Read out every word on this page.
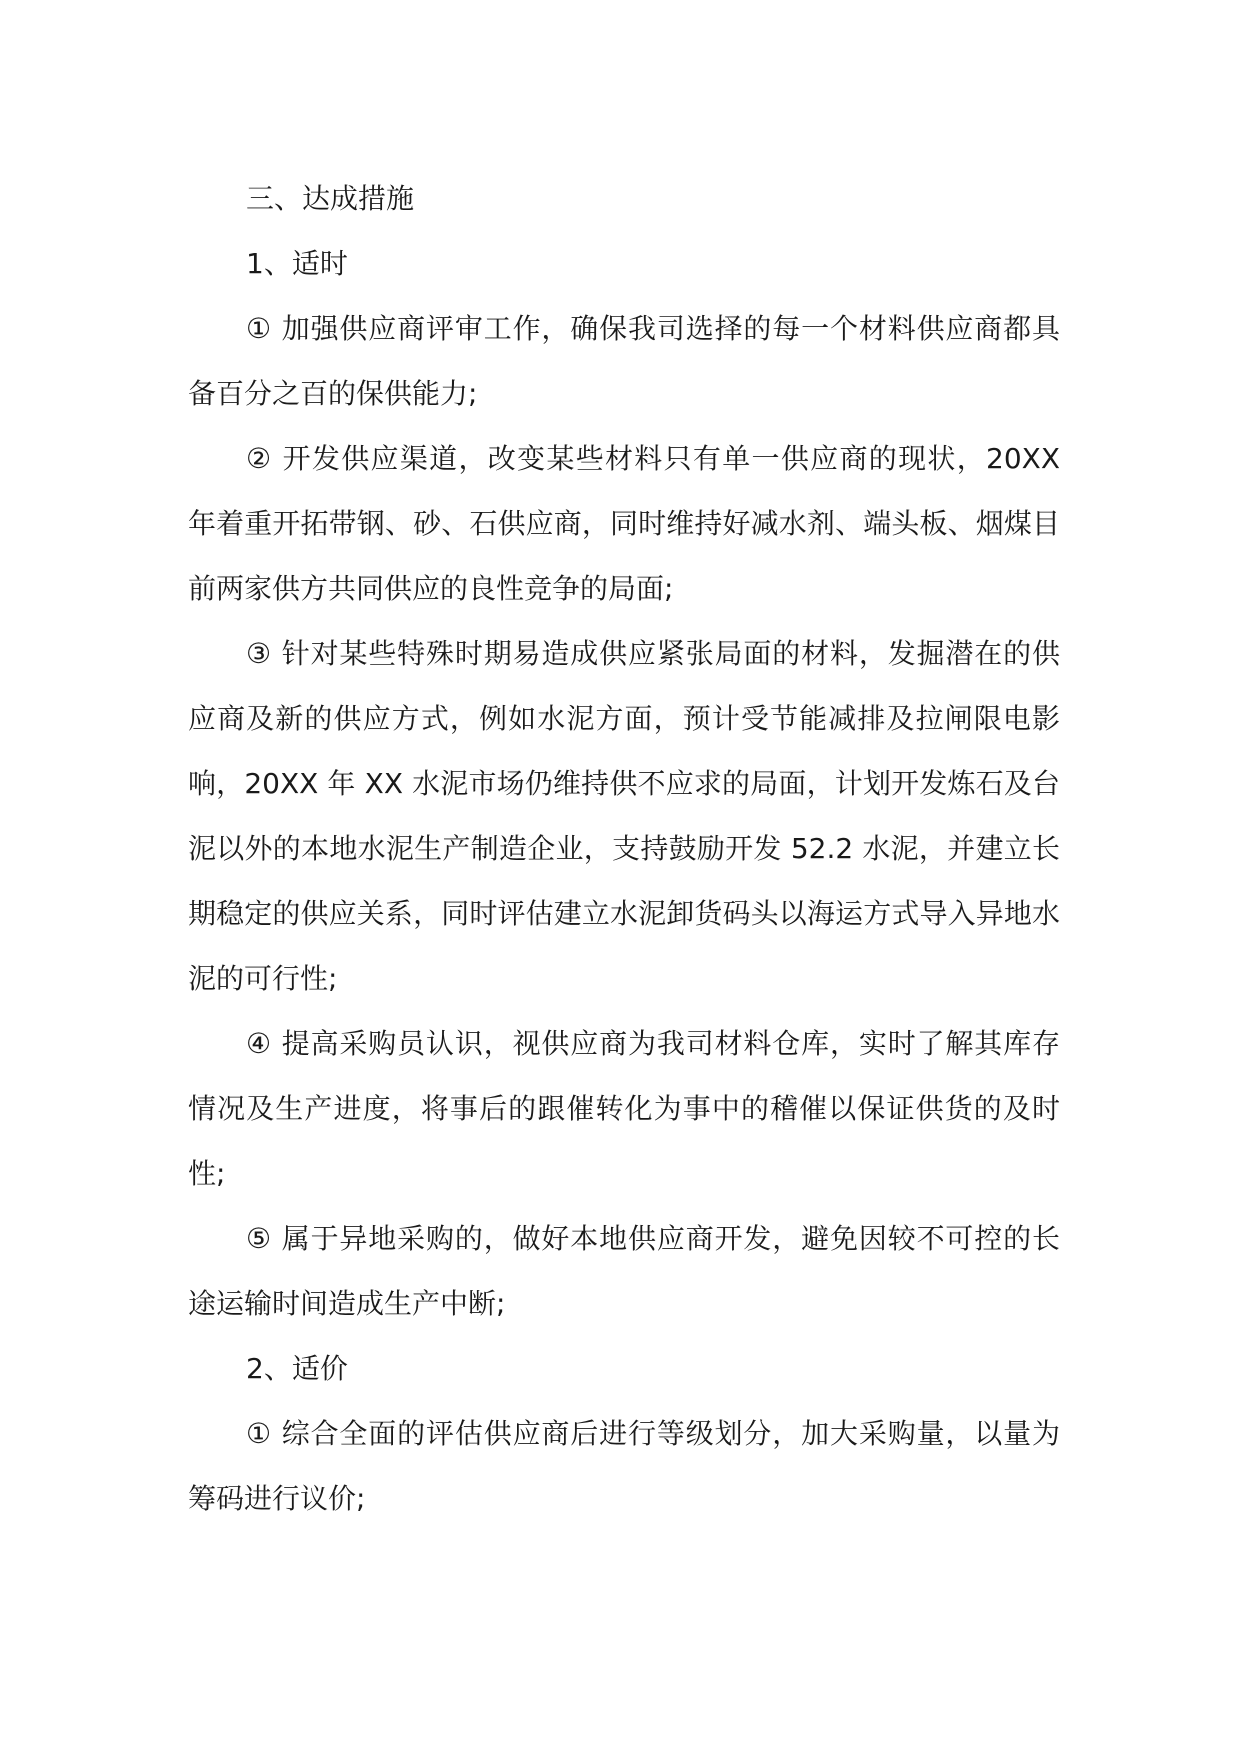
三、达成措施

1、适时

① 加强供应商评审工作，确保我司选择的每一个材料供应商都具备百分之百的保供能力;

② 开发供应渠道，改变某些材料只有单一供应商的现状，20XX 年着重开拓带钢、砂、石供应商，同时维持好减水剂、端头板、烟煤目前两家供方共同供应的良性竞争的局面;

③ 针对某些特殊时期易造成供应紧张局面的材料，发掘潜在的供应商及新的供应方式，例如水泥方面，预计受节能减排及拉闸限电影响，20XX 年 XX 水泥市场仍维持供不应求的局面，计划开发炼石及台泥以外的本地水泥生产制造企业，支持鼓励开发 52.2 水泥，并建立长期稳定的供应关系，同时评估建立水泥卸货码头以海运方式导入异地水泥的可行性;

④ 提高采购员认识，视供应商为我司材料仓库，实时了解其库存情况及生产进度，将事后的跟催转化为事中的稽催以保证供货的及时性;

⑤ 属于异地采购的，做好本地供应商开发，避免因较不可控的长途运输时间造成生产中断;

2、适价

① 综合全面的评估供应商后进行等级划分，加大采购量，以量为筹码进行议价;
